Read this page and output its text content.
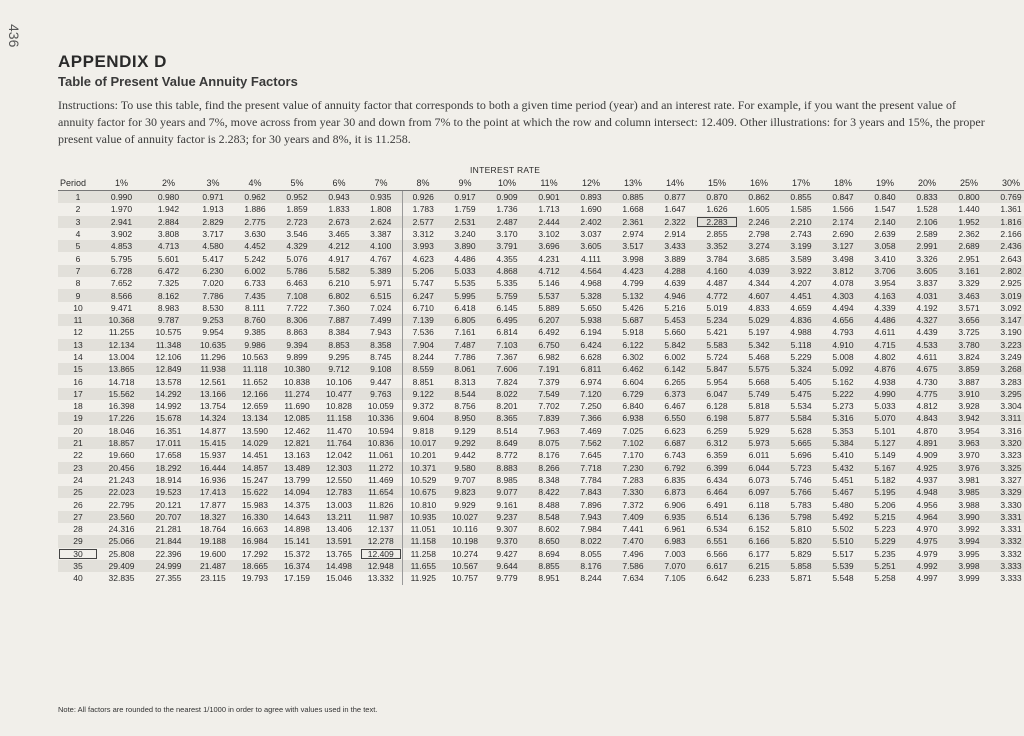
436
APPENDIX D
Table of Present Value Annuity Factors
Instructions: To use this table, find the present value of annuity factor that corresponds to both a given time period (year) and an interest rate. For example, if you want the present value of annuity factor for 30 years and 7%, move across from year 30 and down from 7% to the point at which the row and column intersect: 12.409. Other illustrations: for 3 years and 15%, the proper present value of annuity factor is 2.283; for 30 years and 8%, it is 11.258.
INTEREST RATE
Period	1%	2%	3%	4%	5%	6%	7%	8%	9%	10%	11%	12%	13%	14%	15%	16%	17%	18%	19%	20%	25%	30%
1	0.990	0.980	0.971	0.962	0.952	0.943	0.935	0.926	0.917	0.909	0.901	0.893	0.885	0.877	0.870	0.862	0.855	0.847	0.840	0.833	0.800	0.769
2	1.970	1.942	1.913	1.886	1.859	1.833	1.808	1.783	1.759	1.736	1.713	1.690	1.668	1.647	1.626	1.605	1.585	1.566	1.547	1.528	1.440	1.361
3	2.941	2.884	2.829	2.775	2.723	2.673	2.624	2.577	2.531	2.487	2.444	2.402	2.361	2.322	2.283	2.246	2.210	2.174	2.140	2.106	1.952	1.816
4	3.902	3.808	3.717	3.630	3.546	3.465	3.387	3.312	3.240	3.170	3.102	3.037	2.974	2.914	2.855	2.798	2.743	2.690	2.639	2.589	2.362	2.166
5	4.853	4.713	4.580	4.452	4.329	4.212	4.100	3.993	3.890	3.791	3.696	3.605	3.517	3.433	3.352	3.274	3.199	3.127	3.058	2.991	2.689	2.436
6	5.795	5.601	5.417	5.242	5.076	4.917	4.767	4.623	4.486	4.355	4.231	4.111	3.998	3.889	3.784	3.685	3.589	3.498	3.410	3.326	2.951	2.643
7	6.728	6.472	6.230	6.002	5.786	5.582	5.389	5.206	5.033	4.868	4.712	4.564	4.423	4.288	4.160	4.039	3.922	3.812	3.706	3.605	3.161	2.802
8	7.652	7.325	7.020	6.733	6.463	6.210	5.971	5.747	5.535	5.335	5.146	4.968	4.799	4.639	4.487	4.344	4.207	4.078	3.954	3.837	3.329	2.925
9	8.566	8.162	7.786	7.435	7.108	6.802	6.515	6.247	5.995	5.759	5.537	5.328	5.132	4.946	4.772	4.607	4.451	4.303	4.163	4.031	3.463	3.019
10	9.471	8.983	8.530	8.111	7.722	7.360	7.024	6.710	6.418	6.145	5.889	5.650	5.426	5.216	5.019	4.833	4.659	4.494	4.339	4.192	3.571	3.092
11	10.368	9.787	9.253	8.760	8.306	7.887	7.499	7.139	6.805	6.495	6.207	5.938	5.687	5.453	5.234	5.029	4.836	4.656	4.486	4.327	3.656	3.147
12	11.255	10.575	9.954	9.385	8.863	8.384	7.943	7.536	7.161	6.814	6.492	6.194	5.918	5.660	5.421	5.197	4.988	4.793	4.611	4.439	3.725	3.190
13	12.134	11.348	10.635	9.986	9.394	8.853	8.358	7.904	7.487	7.103	6.750	6.424	6.122	5.842	5.583	5.342	5.118	4.910	4.715	4.533	3.780	3.223
14	13.004	12.106	11.296	10.563	9.899	9.295	8.745	8.244	7.786	7.367	6.982	6.628	6.302	6.002	5.724	5.468	5.229	5.008	4.802	4.611	3.824	3.249
15	13.865	12.849	11.938	11.118	10.380	9.712	9.108	8.559	8.061	7.606	7.191	6.811	6.462	6.142	5.847	5.575	5.324	5.092	4.876	4.675	3.859	3.268
16	14.718	13.578	12.561	11.652	10.838	10.106	9.447	8.851	8.313	7.824	7.379	6.974	6.604	6.265	5.954	5.668	5.405	5.162	4.938	4.730	3.887	3.283
17	15.562	14.292	13.166	12.166	11.274	10.477	9.763	9.122	8.544	8.022	7.549	7.120	6.729	6.373	6.047	5.749	5.475	5.222	4.990	4.775	3.910	3.295
18	16.398	14.992	13.754	12.659	11.690	10.828	10.059	9.372	8.756	8.201	7.702	7.250	6.840	6.467	6.128	5.818	5.534	5.273	5.033	4.812	3.928	3.304
19	17.226	15.678	14.324	13.134	12.085	11.158	10.336	9.604	8.950	8.365	7.839	7.366	6.938	6.550	6.198	5.877	5.584	5.316	5.070	4.843	3.942	3.311
20	18.046	16.351	14.877	13.590	12.462	11.470	10.594	9.818	9.129	8.514	7.963	7.469	7.025	6.623	6.259	5.929	5.628	5.353	5.101	4.870	3.954	3.316
21	18.857	17.011	15.415	14.029	12.821	11.764	10.836	10.017	9.292	8.649	8.075	7.562	7.102	6.687	6.312	5.973	5.665	5.384	5.127	4.891	3.963	3.320
22	19.660	17.658	15.937	14.451	13.163	12.042	11.061	10.201	9.442	8.772	8.176	7.645	7.170	6.743	6.359	6.011	5.696	5.410	5.149	4.909	3.970	3.323
23	20.456	18.292	16.444	14.857	13.489	12.303	11.272	10.371	9.580	8.883	8.266	7.718	7.230	6.792	6.399	6.044	5.723	5.432	5.167	4.925	3.976	3.325
24	21.243	18.914	16.936	15.247	13.799	12.550	11.469	10.529	9.707	8.985	8.348	7.784	7.283	6.835	6.434	6.073	5.746	5.451	5.182	4.937	3.981	3.327
25	22.023	19.523	17.413	15.622	14.094	12.783	11.654	10.675	9.823	9.077	8.422	7.843	7.330	6.873	6.464	6.097	5.766	5.467	5.195	4.948	3.985	3.329
26	22.795	20.121	17.877	15.983	14.375	13.003	11.826	10.810	9.929	9.161	8.488	7.896	7.372	6.906	6.491	6.118	5.783	5.480	5.206	4.956	3.988	3.330
27	23.560	20.707	18.327	16.330	14.643	13.211	11.987	10.935	10.027	9.237	8.548	7.943	7.409	6.935	6.514	6.136	5.798	5.492	5.215	4.964	3.990	3.331
28	24.316	21.281	18.764	16.663	14.898	13.406	12.137	11.051	10.116	9.307	8.602	7.984	7.441	6.961	6.534	6.152	5.810	5.502	5.223	4.970	3.992	3.331
29	25.066	21.844	19.188	16.984	15.141	13.591	12.278	11.158	10.198	9.370	8.650	8.022	7.470	6.983	6.551	6.166	5.820	5.510	5.229	4.975	3.994	3.332
30	25.808	22.396	19.600	17.292	15.372	13.765	12.409	11.258	10.274	9.427	8.694	8.055	7.496	7.003	6.566	6.177	5.829	5.517	5.235	4.979	3.995	3.332
35	29.409	24.999	21.487	18.665	16.374	14.498	12.948	11.655	10.567	9.644	8.855	8.176	7.586	7.070	6.617	6.215	5.858	5.539	5.251	4.992	3.998	3.333
40	32.835	27.355	23.115	19.793	17.159	15.046	13.332	11.925	10.757	9.779	8.951	8.244	7.634	7.105	6.642	6.233	5.871	5.548	5.258	4.997	3.999	3.333
Note: All factors are rounded to the nearest 1/1000 in order to agree with values used in the text.
